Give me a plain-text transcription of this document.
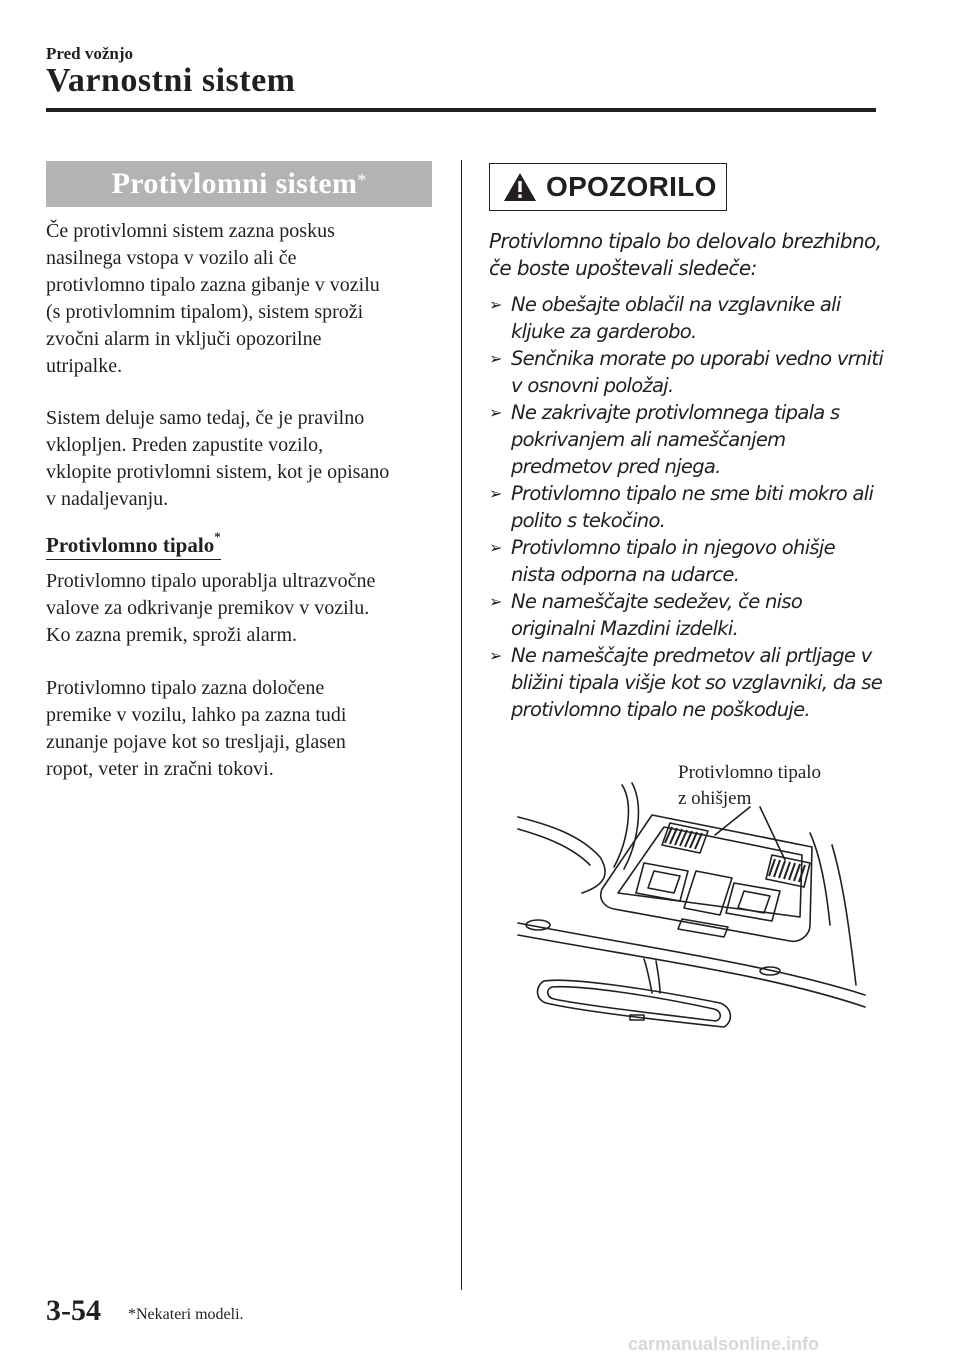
Pred vožnjo
Varnostni sistem
Protivlomni sistem*
Če protivlomni sistem zazna poskus
nasilnega vstopa v vozilo ali če
protivlomno tipalo zazna gibanje v vozilu
(s protivlomnim tipalom), sistem sproži
zvočni alarm in vključi opozorilne
utripalke.
Sistem deluje samo tedaj, če je pravilno
vklopljen. Preden zapustite vozilo,
vklopite protivlomni sistem, kot je opisano
v nadaljevanju.
Protivlomno tipalo*
Protivlomno tipalo uporablja ultrazvočne
valove za odkrivanje premikov v vozilu.
Ko zazna premik, sproži alarm.
Protivlomno tipalo zazna določene
premike v vozilu, lahko pa zazna tudi
zunanje pojave kot so tresljaji, glasen
ropot, veter in zračni tokovi.
OPOZORILO
Protivlomno tipalo bo delovalo brezhibno,
če boste upoštevali sledeče:
➢ Ne obešajte oblačil na vzglavnike ali
kljuke za garderobo.
➢ Senčnika morate po uporabi vedno vrniti
v osnovni položaj.
➢ Ne zakrivajte protivlomnega tipala s
pokrivanjem ali nameščanjem
predmetov pred njega.
➢ Protivlomno tipalo ne sme biti mokro ali
polito s tekočino.
➢ Protivlomno tipalo in njegovo ohišje
nista odporna na udarce.
➢ Ne nameščajte sedežev, če niso
originalni Mazdini izdelki.
➢ Ne nameščajte predmetov ali prtljage v
bližini tipala višje kot so vzglavniki, da se
protivlomno tipalo ne poškoduje.
Protivlomno tipalo
z ohišjem
3-54 *Nekateri modeli.
carmanualsonline.info
